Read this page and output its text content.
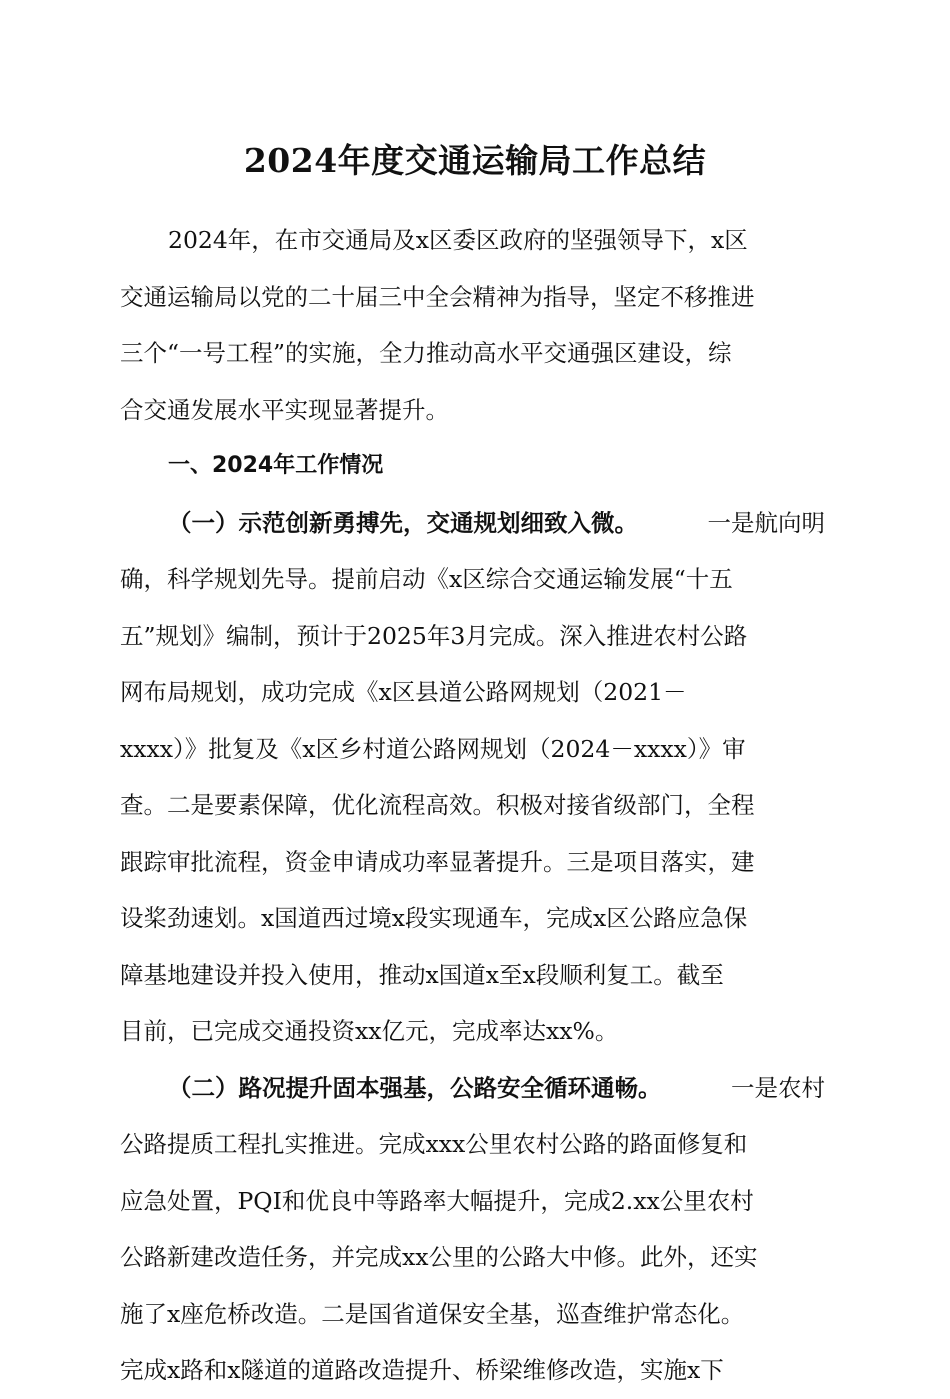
2024年度交通运输局工作总结
2024年，在市交通局及x区委区政府的坚强领导下，x区
交通运输局以党的二十届三中全会精神为指导，坚定不移推进
三个“一号工程”的实施，全力推动高水平交通强区建设，综
合交通发展水平实现显著提升。
一、2024年工作情况
（一）示范创新勇搏先，交通规划细致入微。	一是航向明
确，科学规划先导。提前启动《x区综合交通运输发展“十五
五”规划》编制，预计于2025年3月完成。深入推进农村公路
网布局规划，成功完成《x区县道公路网规划（2021－
xxxx）》批复及《x区乡村道公路网规划（2024－xxxx）》审
查。二是要素保障，优化流程高效。积极对接省级部门，全程
跟踪审批流程，资金申请成功率显著提升。三是项目落实，建
设桨劲速划。x国道西过境x段实现通车，完成x区公路应急保
障基地建设并投入使用，推动x国道x至x段顺利复工。截至
目前，已完成交通投资xx亿元，完成率达xx%。
（二）路况提升固本强基，公路安全循环通畅。	一是农村
公路提质工程扎实推进。完成xxx公里农村公路的路面修复和
应急处置，PQI和优良中等路率大幅提升，完成2.xx公里农村
公路新建改造任务，并完成xx公里的公路大中修。此外，还实
施了x座危桥改造。二是国省道保安全基，巡查维护常态化。
完成x路和x隧道的道路改造提升、桥梁维修改造，实施x下
